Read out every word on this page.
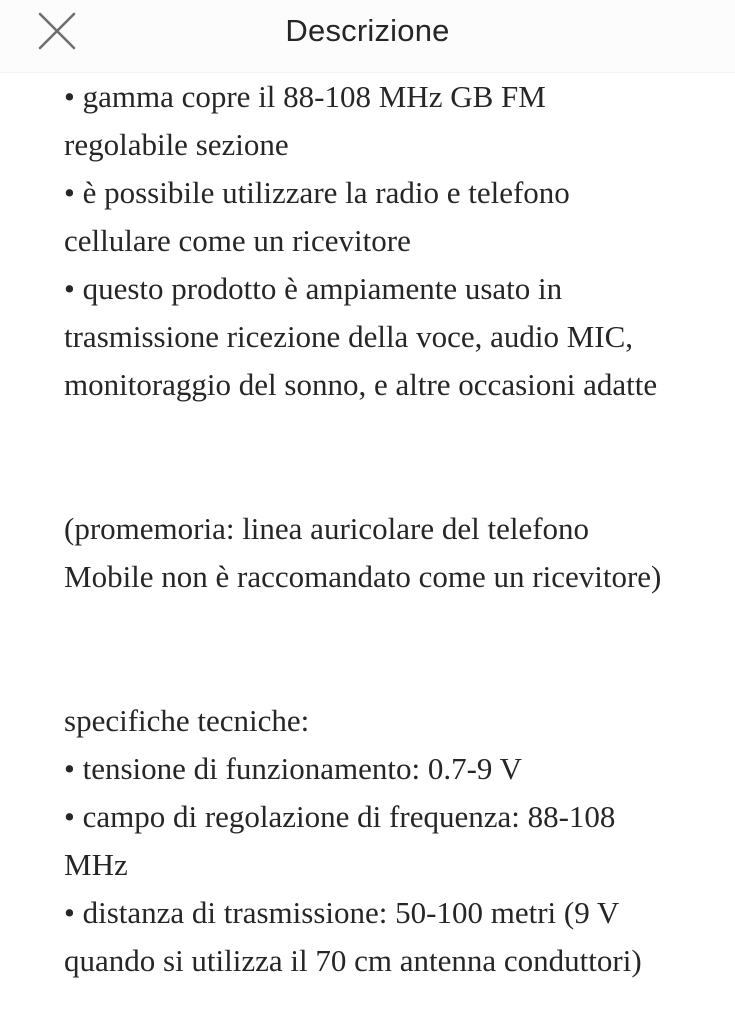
Descrizione
• gamma copre il 88-108 MHz GB FM
regolabile sezione
• è possibile utilizzare la radio e telefono
cellulare come un ricevitore
• questo prodotto è ampiamente usato in
trasmissione ricezione della voce, audio MIC,
monitoraggio del sonno, e altre occasioni adatte

(promemoria: linea auricolare del telefono
Mobile non è raccomandato come un ricevitore)

specifiche tecniche:
• tensione di funzionamento: 0.7-9 V
• campo di regolazione di frequenza: 88-108
MHz
• distanza di trasmissione: 50-100 metri (9 V
quando si utilizza il 70 cm antenna conduttori)
